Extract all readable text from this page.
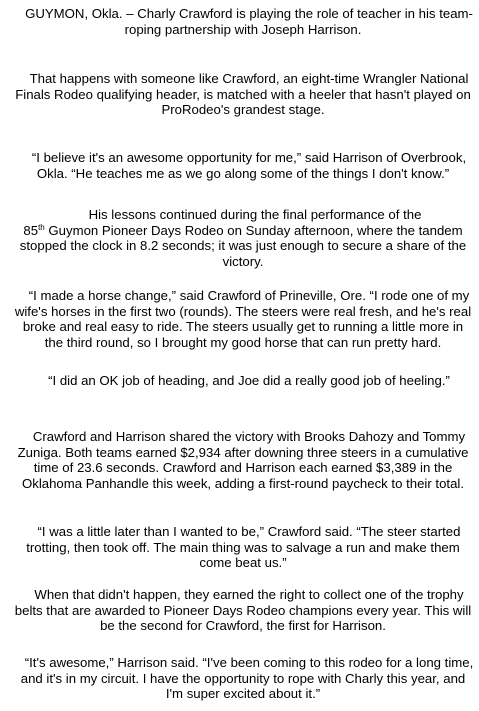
GUYMON, Okla. – Charly Crawford is playing the role of teacher in his team-roping partnership with Joseph Harrison.

That happens with someone like Crawford, an eight-time Wrangler National Finals Rodeo qualifying header, is matched with a heeler that hasn't played on ProRodeo's grandest stage.

“I believe it's an awesome opportunity for me,” said Harrison of Overbrook, Okla. “He teaches me as we go along some of the things I don't know.”

His lessons continued during the final performance of the
85th Guymon Pioneer Days Rodeo on Sunday afternoon, where the tandem stopped the clock in 8.2 seconds; it was just enough to secure a share of the victory.

“I made a horse change,” said Crawford of Prineville, Ore. “I rode one of my wife's horses in the first two (rounds). The steers were real fresh, and he's real broke and real easy to ride. The steers usually get to running a little more in the third round, so I brought my good horse that can run pretty hard.

“I did an OK job of heading, and Joe did a really good job of heeling.”

Crawford and Harrison shared the victory with Brooks Dahozy and Tommy Zuniga. Both teams earned $2,934 after downing three steers in a cumulative time of 23.6 seconds. Crawford and Harrison each earned $3,389 in the Oklahoma Panhandle this week, adding a first-round paycheck to their total.

“I was a little later than I wanted to be,” Crawford said. “The steer started trotting, then took off. The main thing was to salvage a run and make them come beat us.”

When that didn't happen, they earned the right to collect one of the trophy belts that are awarded to Pioneer Days Rodeo champions every year. This will be the second for Crawford, the first for Harrison.

“It's awesome,” Harrison said. “I've been coming to this rodeo for a long time, and it's in my circuit. I have the opportunity to rope with Charly this year, and I'm super excited about it.”
